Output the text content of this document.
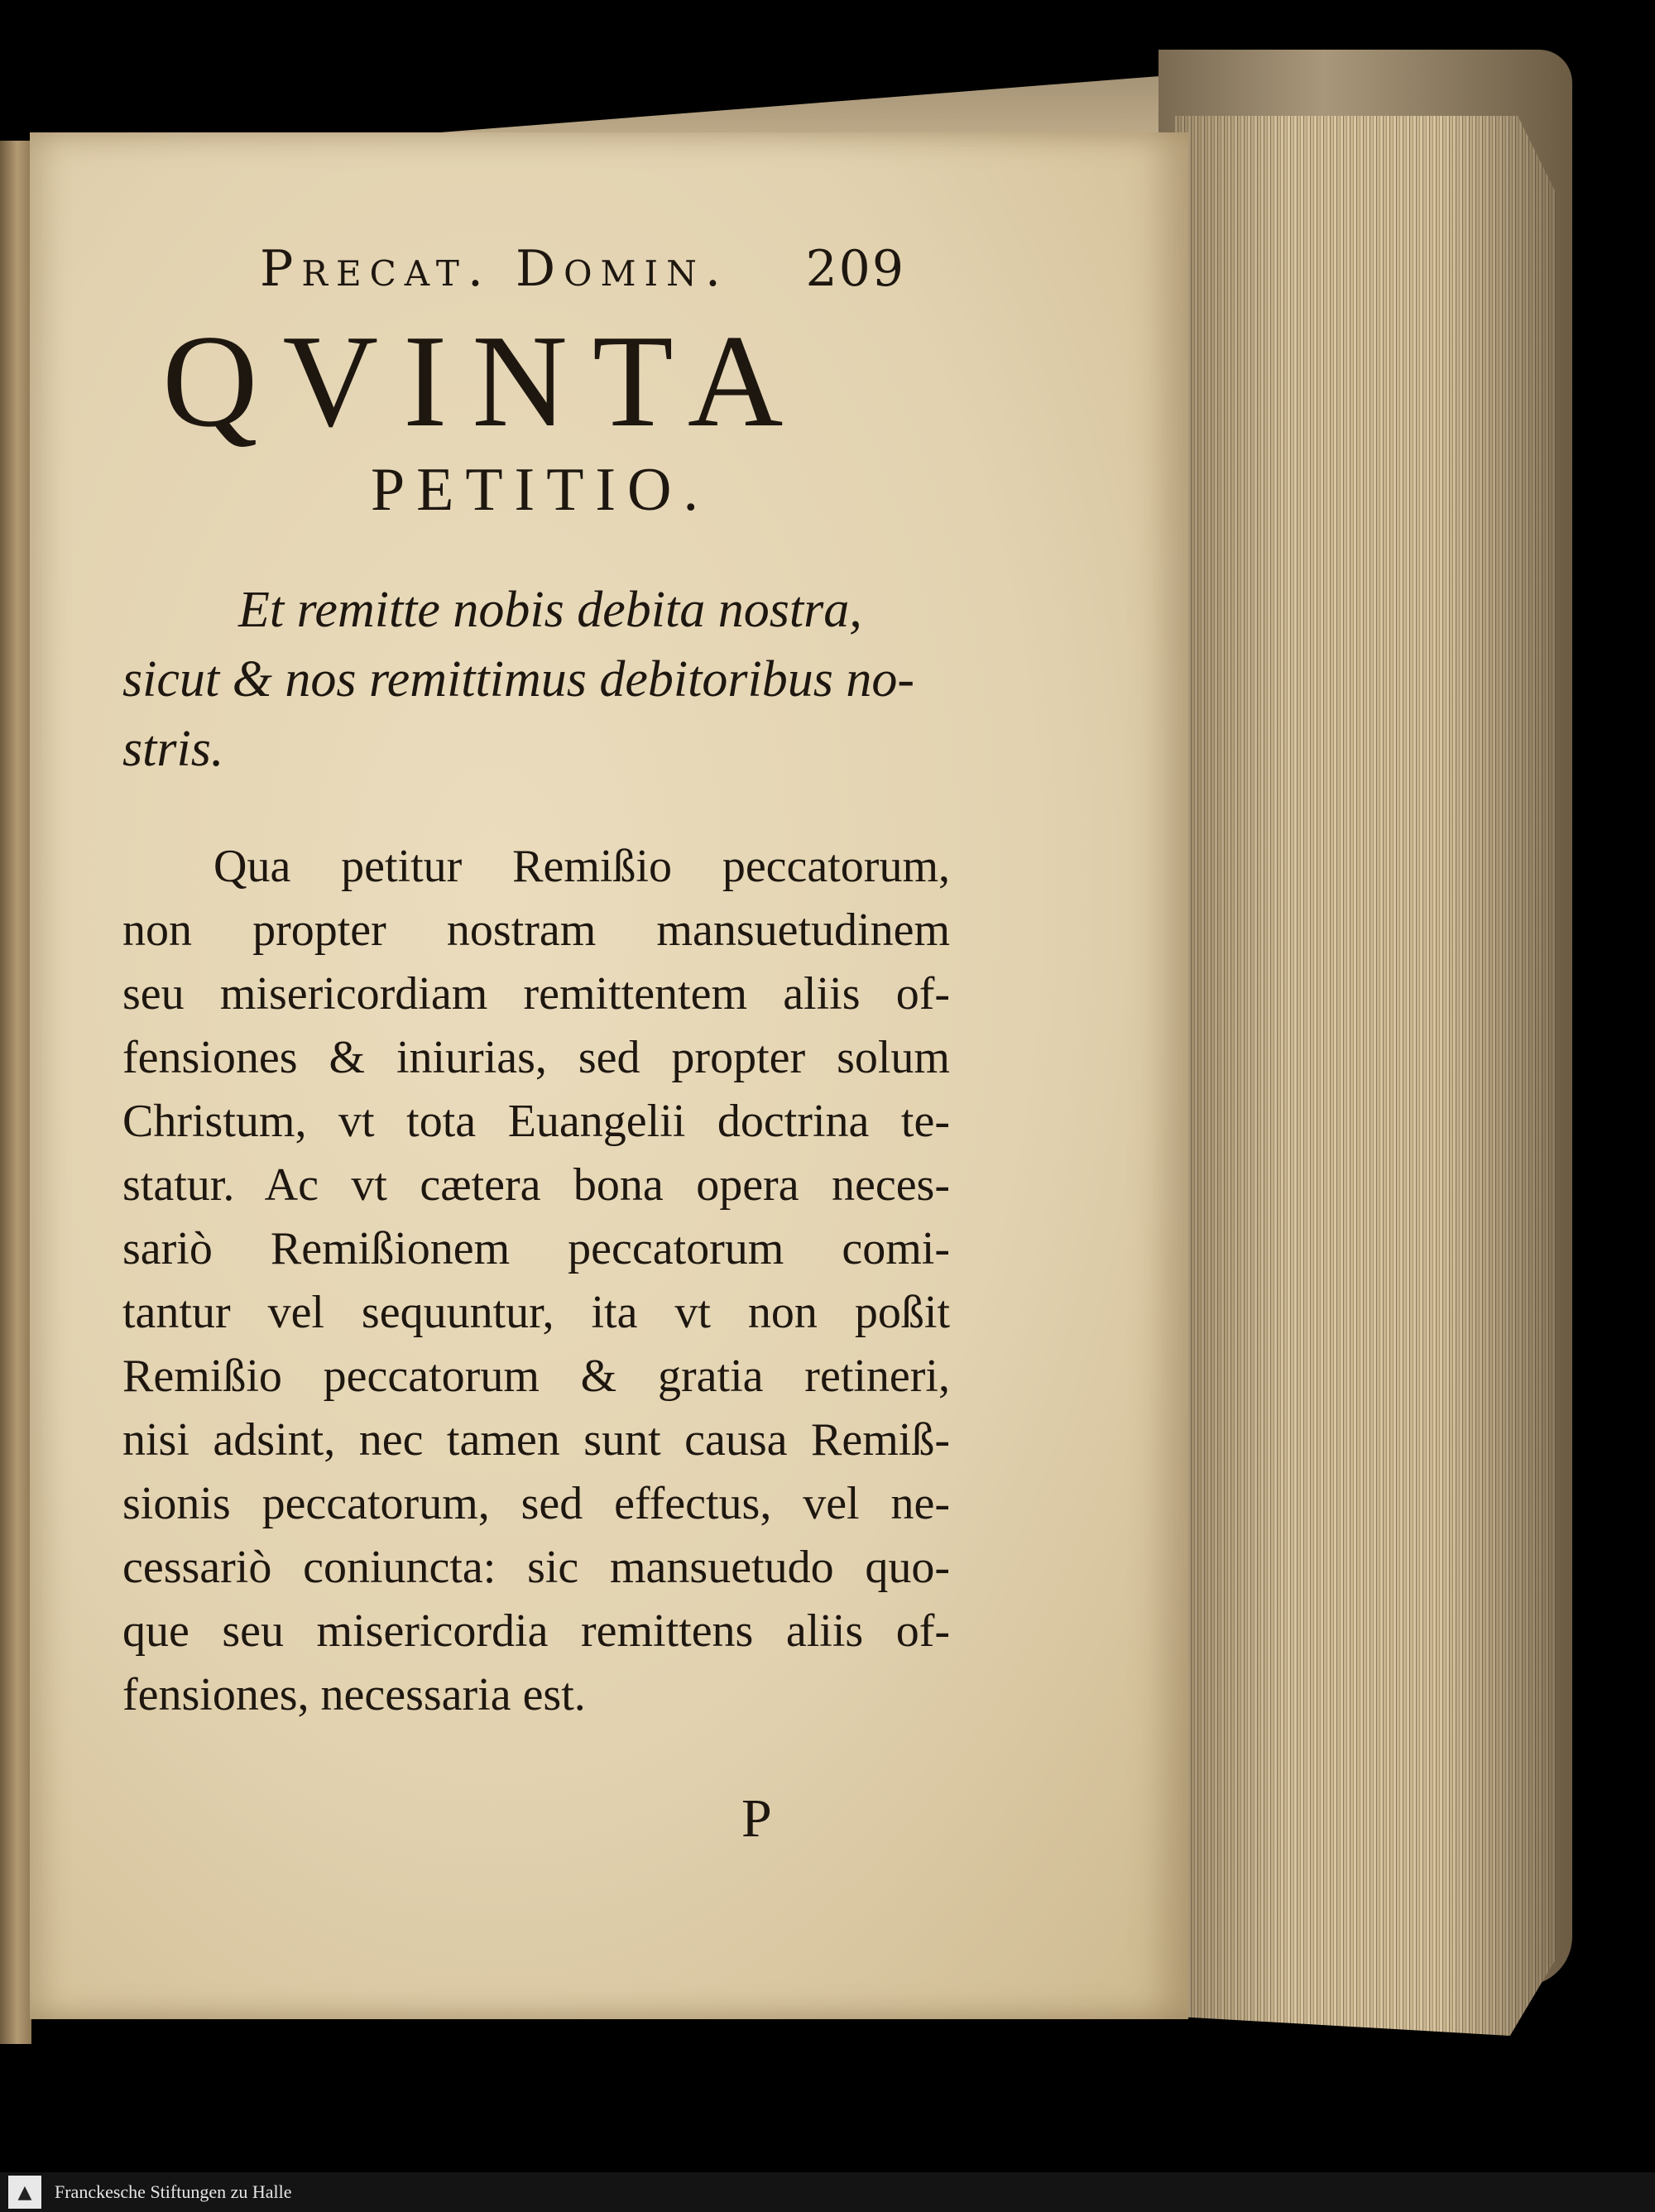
Precat. Domin. 209
QVINTA
PETITIO.
Et remitte nobis debita nostra,
sicut & nos remittimus debitoribus no-
stris.
Qua petitur Remißio peccatorum,
non propter nostram mansuetudinem
seu misericordiam remittentem aliis of-
fensiones & iniurias, sed propter solum
Christum, vt tota Euangelii doctrina te-
statur. Ac vt cætera bona opera neces-
sariò Remißionem peccatorum comi-
tantur vel sequuntur, ita vt non poßit
Remißio peccatorum & gratia retineri,
nisi adsint, nec tamen sunt causa Remiß-
sionis peccatorum, sed effectus, vel ne-
cessariò coniuncta: sic mansuetudo quo-
que seu misericordia remittens aliis of-
fensiones, necessaria est.
P
▲	Franckesche Stiftungen zu Halle
